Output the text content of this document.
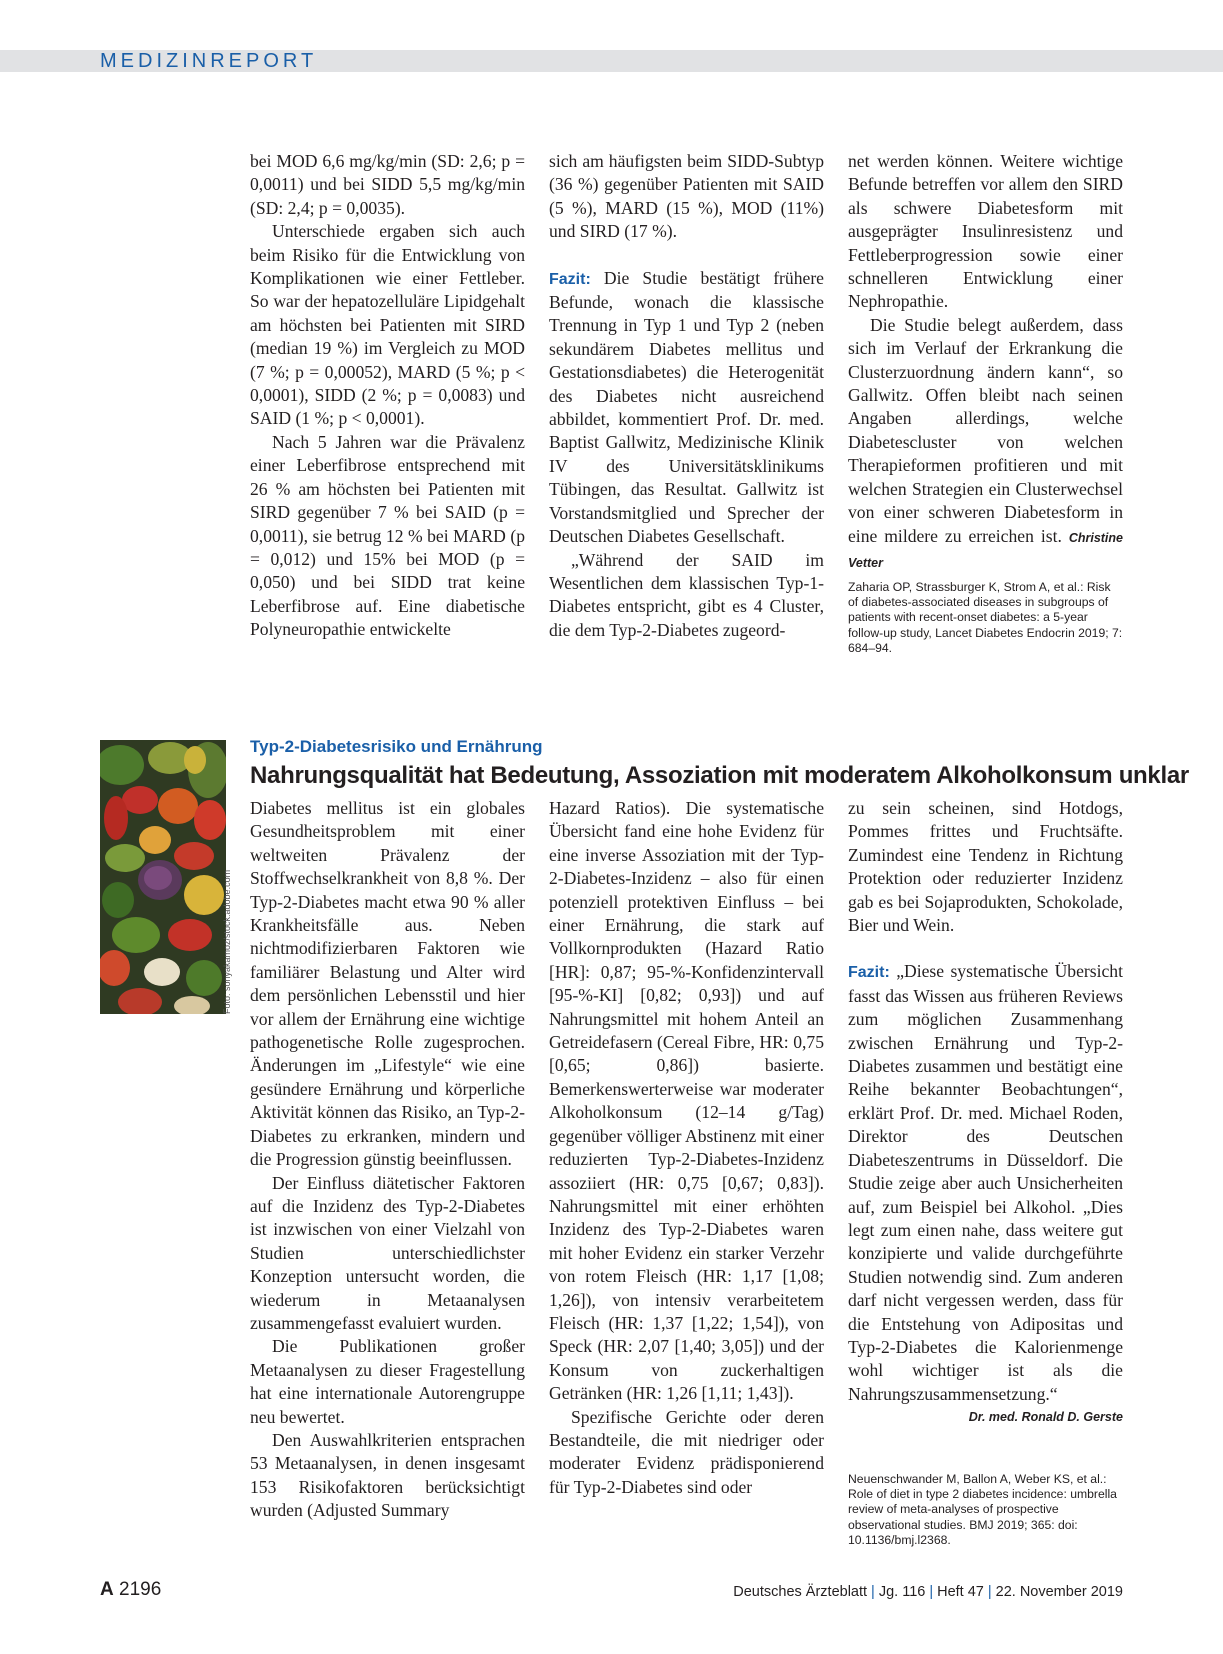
MEDIZINREPORT

bei MOD 6,6 mg/kg/min (SD: 2,6; p = 0,0011) und bei SIDD 5,5 mg/kg/min (SD: 2,4; p = 0,0035).

Unterschiede ergaben sich auch beim Risiko für die Entwicklung von Komplikationen wie einer Fettleber. So war der hepatozelluläre Lipidgehalt am höchsten bei Patienten mit SIRD (median 19 %) im Vergleich zu MOD (7 %; p = 0,00052), MARD (5 %; p < 0,0001), SIDD (2 %; p = 0,0083) und SAID (1 %; p < 0,0001).

Nach 5 Jahren war die Prävalenz einer Leberfibrose entsprechend mit 26 % am höchsten bei Patienten mit SIRD gegenüber 7 % bei SAID (p = 0,0011), sie betrug 12 % bei MARD (p = 0,012) und 15% bei MOD (p = 0,050) und bei SIDD trat keine Leberfibrose auf. Eine diabetische Polyneuropathie entwickelte

sich am häufigsten beim SIDD-Subtyp (36 %) gegenüber Patienten mit SAID (5 %), MARD (15 %), MOD (11%) und SIRD (17 %).

Fazit: Die Studie bestätigt frühere Befunde, wonach die klassische Trennung in Typ 1 und Typ 2 (neben sekundärem Diabetes mellitus und Gestationsdiabetes) die Heterogenität des Diabetes nicht ausreichend abbildet, kommentiert Prof. Dr. med. Baptist Gallwitz, Medizinische Klinik IV des Universitätsklinikums Tübingen, das Resultat. Gallwitz ist Vorstandsmitglied und Sprecher der Deutschen Diabetes Gesellschaft.

„Während der SAID im Wesentlichen dem klassischen Typ-1-Diabetes entspricht, gibt es 4 Cluster, die dem Typ-2-Diabetes zugeord-

net werden können. Weitere wichtige Befunde betreffen vor allem den SIRD als schwere Diabetesform mit ausgeprägter Insulinresistenz und Fettleberprogression sowie einer schnelleren Entwicklung einer Nephropathie.

Die Studie belegt außerdem, dass sich im Verlauf der Erkrankung die Clusterzuordnung ändern kann“, so Gallwitz. Offen bleibt nach seinen Angaben allerdings, welche Diabetescluster von welchen Therapieformen profitieren und mit welchen Strategien ein Clusterwechsel von einer schweren Diabetesform in eine mildere zu erreichen ist. Christine Vetter

Zaharia OP, Strassburger K, Strom A, et al.: Risk of diabetes-associated diseases in subgroups of patients with recent-onset diabetes: a 5-year follow-up study, Lancet Diabetes Endocrin 2019; 7: 684–94.
Foto: sonyakamoz/stock.adobe.com
Typ-2-Diabetesrisiko und Ernährung
Nahrungsqualität hat Bedeutung, Assoziation mit moderatem Alkoholkonsum unklar

Diabetes mellitus ist ein globales Gesundheitsproblem mit einer weltweiten Prävalenz der Stoffwechselkrankheit von 8,8 %. Der Typ-2-Diabetes macht etwa 90 % aller Krankheitsfälle aus. Neben nichtmodifizierbaren Faktoren wie familiärer Belastung und Alter wird dem persönlichen Lebensstil und hier vor allem der Ernährung eine wichtige pathogenetische Rolle zugesprochen. Änderungen im „Lifestyle“ wie eine gesündere Ernährung und körperliche Aktivität können das Risiko, an Typ-2-Diabetes zu erkranken, mindern und die Progression günstig beeinflussen.

Der Einfluss diätetischer Faktoren auf die Inzidenz des Typ-2-Diabetes ist inzwischen von einer Vielzahl von Studien unterschiedlichster Konzeption untersucht worden, die wiederum in Metaanalysen zusammengefasst evaluiert wurden.

Die Publikationen großer Metaanalysen zu dieser Fragestellung hat eine internationale Autorengruppe neu bewertet.

Den Auswahlkriterien entsprachen 53 Metaanalysen, in denen insgesamt 153 Risikofaktoren berücksichtigt wurden (Adjusted Summary

Hazard Ratios). Die systematische Übersicht fand eine hohe Evidenz für eine inverse Assoziation mit der Typ-2-Diabetes-Inzidenz – also für einen potenziell protektiven Einfluss – bei einer Ernährung, die stark auf Vollkornprodukten (Hazard Ratio [HR]: 0,87; 95-%-Konfidenzintervall [95-%-KI] [0,82; 0,93]) und auf Nahrungsmittel mit hohem Anteil an Getreidefasern (Cereal Fibre, HR: 0,75 [0,65; 0,86]) basierte. Bemerkenswerterweise war moderater Alkoholkonsum (12–14 g/Tag) gegenüber völliger Abstinenz mit einer reduzierten Typ-2-Diabetes-Inzidenz assoziiert (HR: 0,75 [0,67; 0,83]). Nahrungsmittel mit einer erhöhten Inzidenz des Typ-2-Diabetes waren mit hoher Evidenz ein starker Verzehr von rotem Fleisch (HR: 1,17 [1,08; 1,26]), von intensiv verarbeitetem Fleisch (HR: 1,37 [1,22; 1,54]), von Speck (HR: 2,07 [1,40; 3,05]) und der Konsum von zuckerhaltigen Getränken (HR: 1,26 [1,11; 1,43]).

Spezifische Gerichte oder deren Bestandteile, die mit niedriger oder moderater Evidenz prädisponierend für Typ-2-Diabetes sind oder

zu sein scheinen, sind Hotdogs, Pommes frittes und Fruchtsäfte. Zumindest eine Tendenz in Richtung Protektion oder reduzierter Inzidenz gab es bei Sojaprodukten, Schokolade, Bier und Wein.

Fazit: „Diese systematische Übersicht fasst das Wissen aus früheren Reviews zum möglichen Zusammenhang zwischen Ernährung und Typ-2-Diabetes zusammen und bestätigt eine Reihe bekannter Beobachtungen“, erklärt Prof. Dr. med. Michael Roden, Direktor des Deutschen Diabeteszentrums in Düsseldorf. Die Studie zeige aber auch Unsicherheiten auf, zum Beispiel bei Alkohol. „Dies legt zum einen nahe, dass weitere gut konzipierte und valide durchgeführte Studien notwendig sind. Zum anderen darf nicht vergessen werden, dass für die Entstehung von Adipositas und Typ-2-Diabetes die Kalorienmenge wohl wichtiger ist als die Nahrungszusammensetzung.“
Dr. med. Ronald D. Gerste

Neuenschwander M, Ballon A, Weber KS, et al.: Role of diet in type 2 diabetes incidence: umbrella review of meta-analyses of prospective observational studies. BMJ 2019; 365: doi: 10.1136/bmj.l2368.
A 2196	Deutsches Ärzteblatt | Jg. 116 | Heft 47 | 22. November 2019
